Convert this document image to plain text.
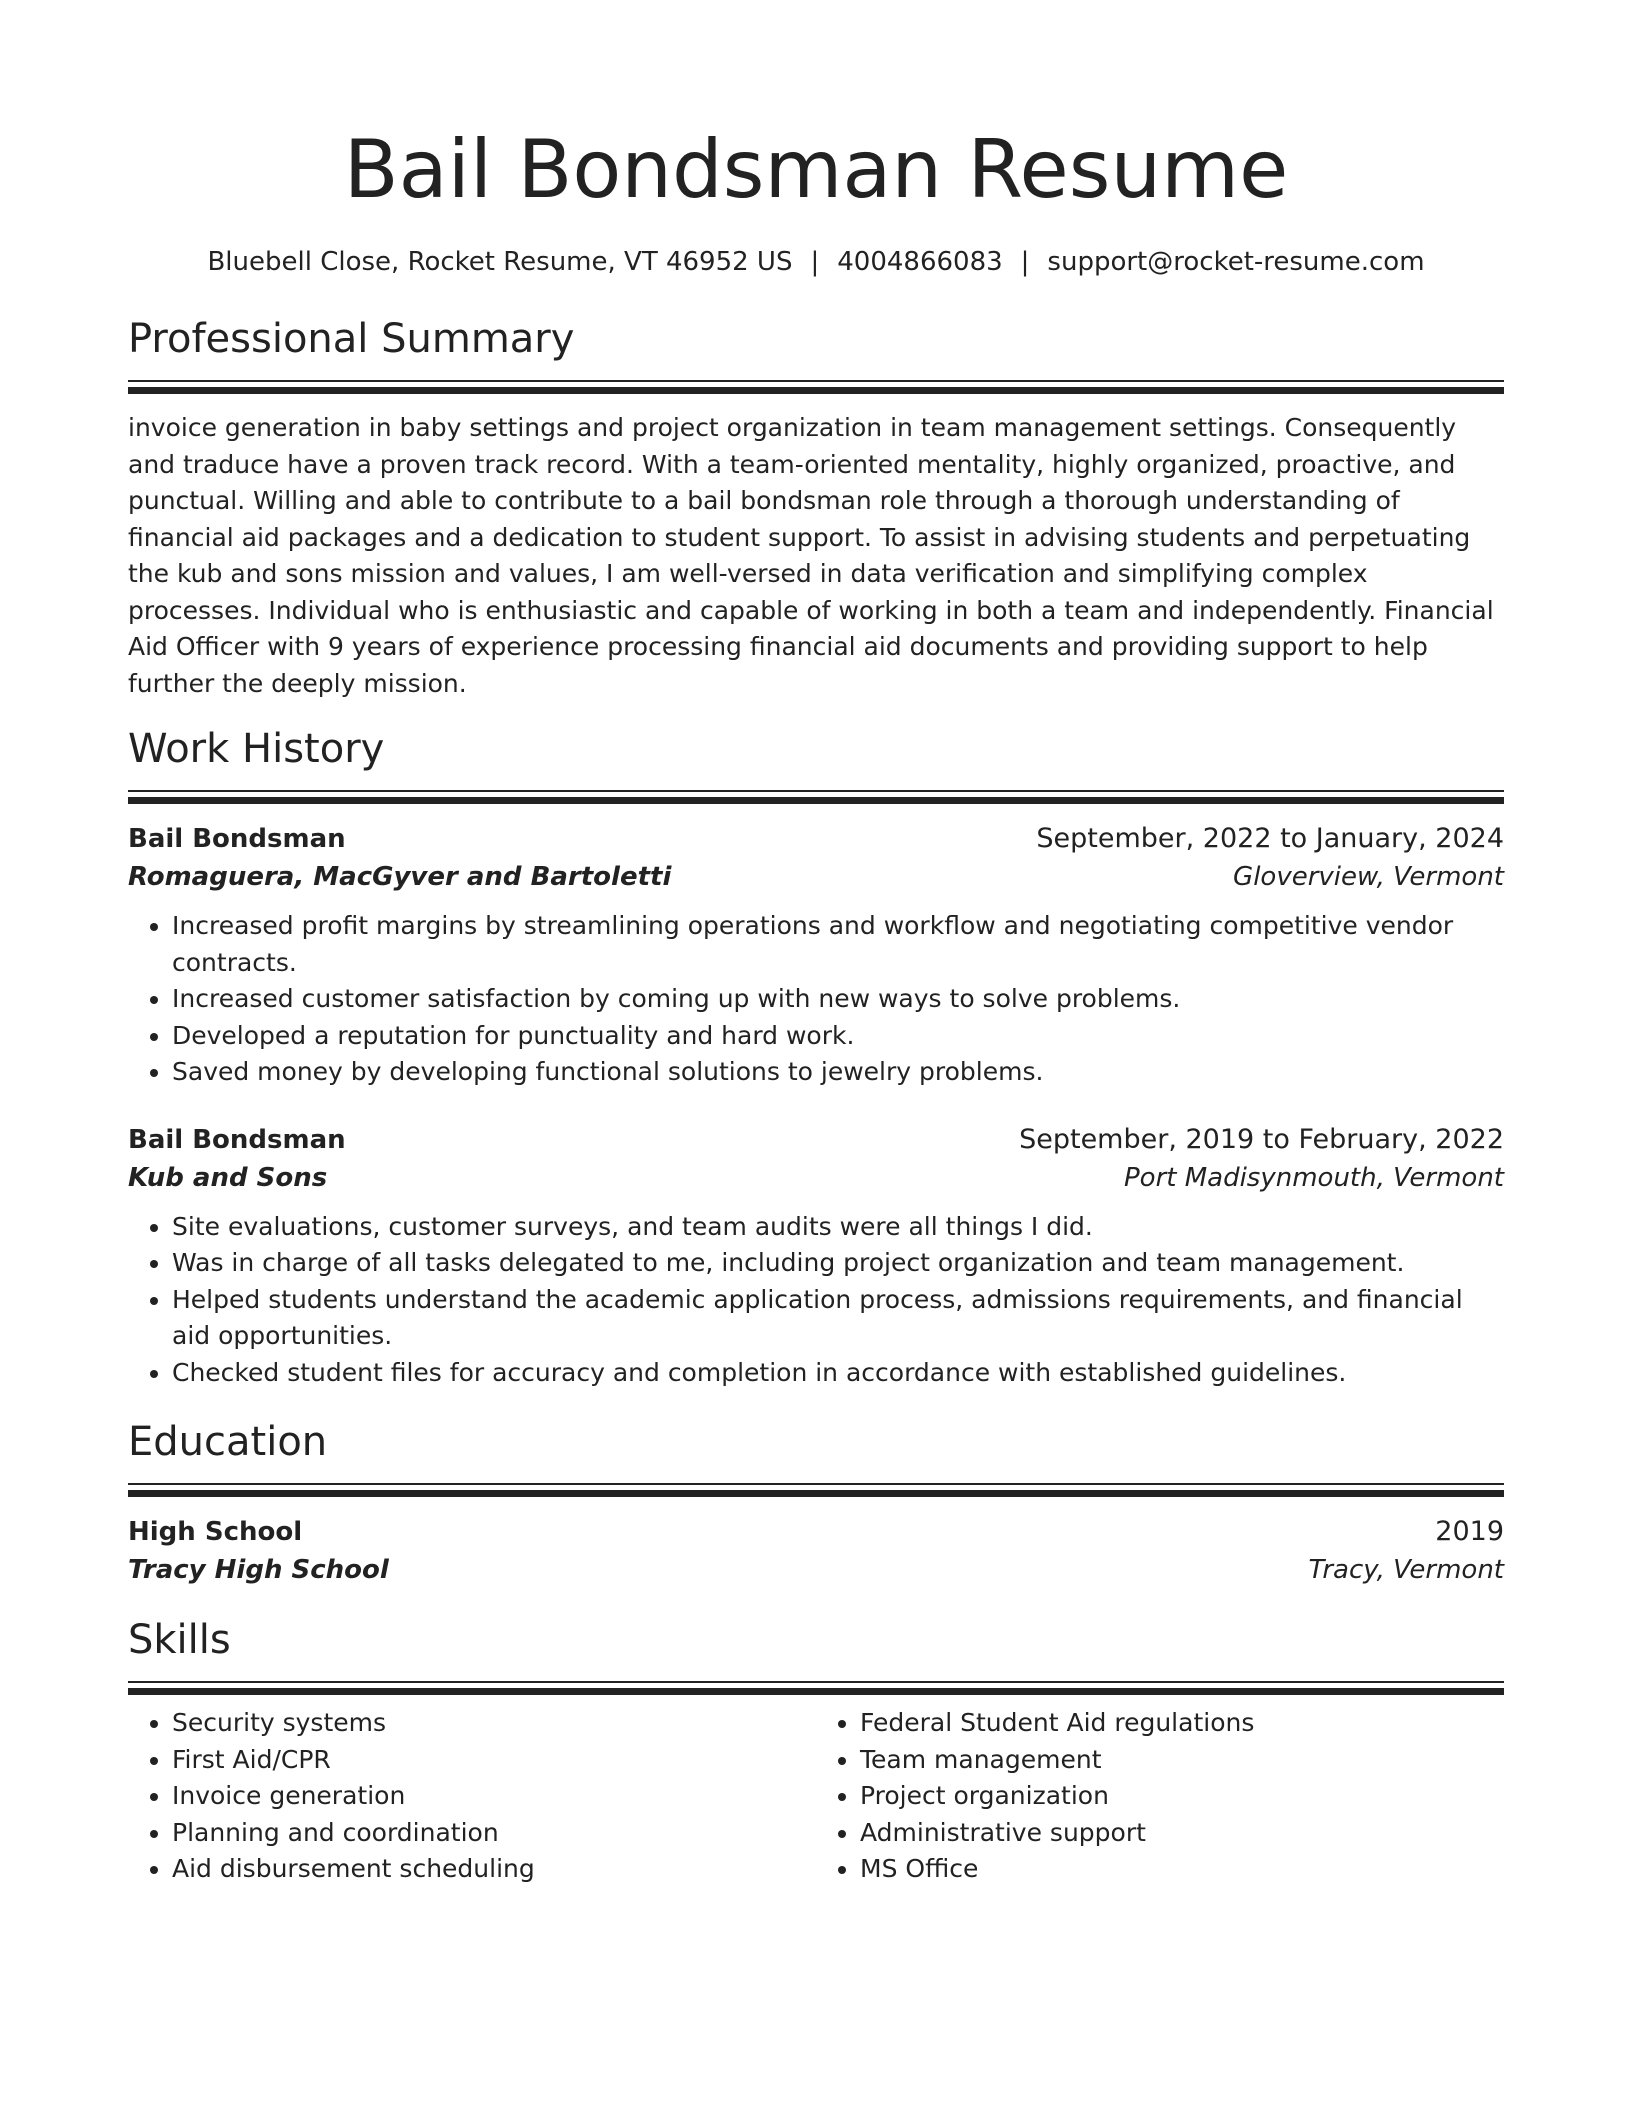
Bail Bondsman Resume
Bluebell Close, Rocket Resume, VT 46952 US | 4004866083 | support@rocket-resume.com
Professional Summary

invoice generation in baby settings and project organization in team management settings. Consequently and traduce have a proven track record. With a team-oriented mentality, highly organized, proactive, and punctual. Willing and able to contribute to a bail bondsman role through a thorough understanding of financial aid packages and a dedication to student support. To assist in advising students and perpetuating the kub and sons mission and values, I am well-versed in data verification and simplifying complex processes. Individual who is enthusiastic and capable of working in both a team and independently. Financial Aid Officer with 9 years of experience processing financial aid documents and providing support to help further the deeply mission.

Work History
Bail Bondsman	September, 2022 to January, 2024
Romaguera, MacGyver and Bartoletti	Gloverview, Vermont
• Increased profit margins by streamlining operations and workflow and negotiating competitive vendor contracts.
• Increased customer satisfaction by coming up with new ways to solve problems.
• Developed a reputation for punctuality and hard work.
• Saved money by developing functional solutions to jewelry problems.
Bail Bondsman	September, 2019 to February, 2022
Kub and Sons	Port Madisynmouth, Vermont
• Site evaluations, customer surveys, and team audits were all things I did.
• Was in charge of all tasks delegated to me, including project organization and team management.
• Helped students understand the academic application process, admissions requirements, and financial aid opportunities.
• Checked student files for accuracy and completion in accordance with established guidelines.
Education
High School	2019
Tracy High School	Tracy, Vermont
Skills
• Security systems
• First Aid/CPR
• Invoice generation
• Planning and coordination
• Aid disbursement scheduling
• Federal Student Aid regulations
• Team management
• Project organization
• Administrative support
• MS Office
